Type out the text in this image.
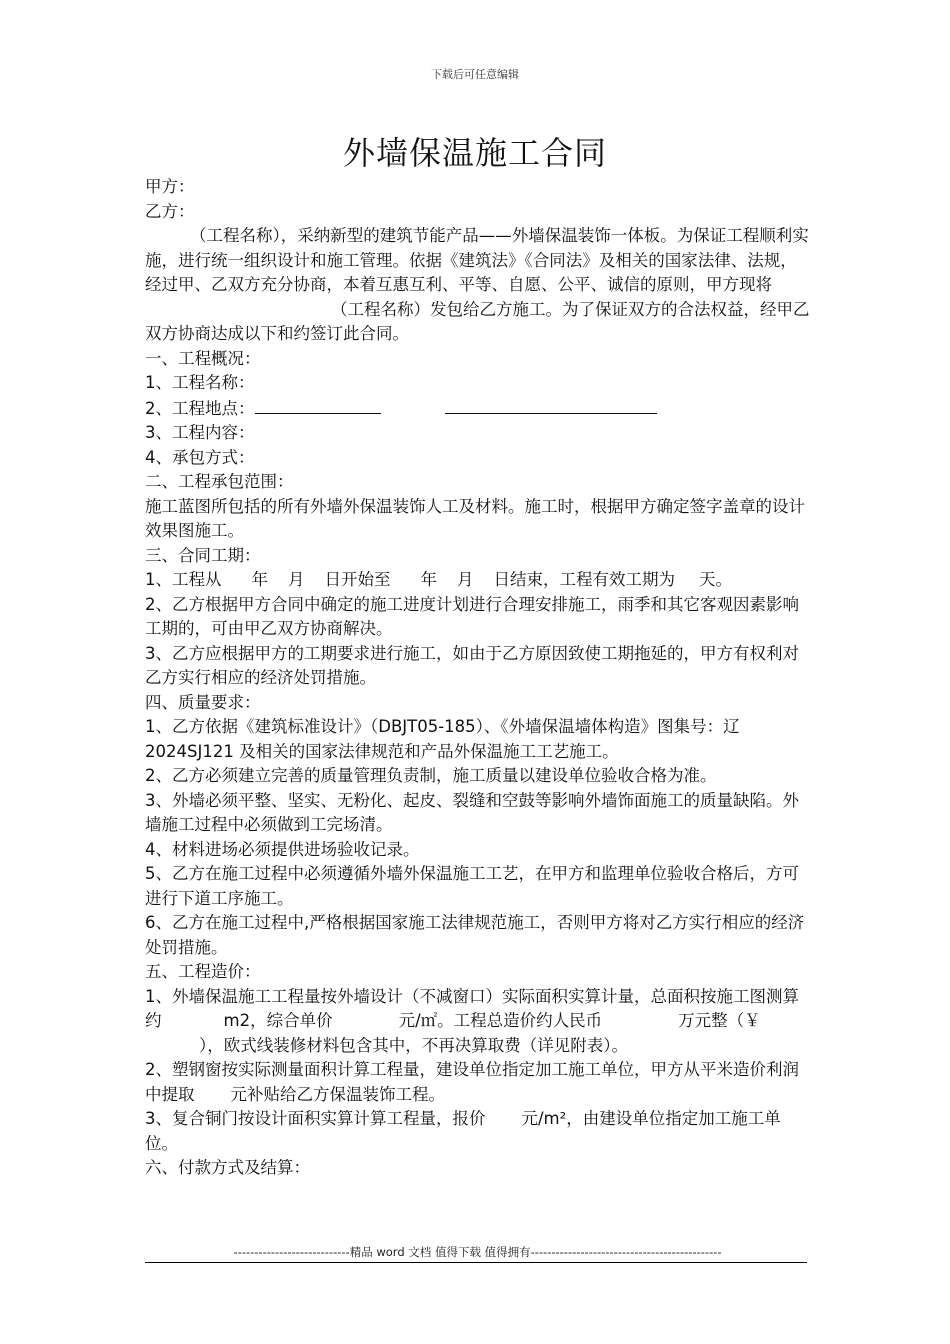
下载后可任意编辑
外墙保温施工合同

甲方：

乙方：

（工程名称），采纳新型的建筑节能产品——外墙保温装饰一体板。为保证工程顺利实施，进行统一组织设计和施工管理。依据《建筑法》《合同法》及相关的国家法律、法规，经过甲、乙双方充分协商，本着互惠互利、平等、自愿、公平、诚信的原则，甲方现将（工程名称）发包给乙方施工。为了保证双方的合法权益，经甲乙双方协商达成以下和约签订此合同。

一、工程概况：

1、工程名称：

2、工程地点：

3、工程内容：

4、承包方式：

二、工程承包范围：

施工蓝图所包括的所有外墙外保温装饰人工及材料。施工时，根据甲方确定签字盖章的设计效果图施工。

三、合同工期：

1、工程从 年 月 日开始至 年 月 日结束，工程有效工期为 天。

2、乙方根据甲方合同中确定的施工进度计划进行合理安排施工，雨季和其它客观因素影响工期的，可由甲乙双方协商解决。

3、乙方应根据甲方的工期要求进行施工，如由于乙方原因致使工期拖延的，甲方有权利对乙方实行相应的经济处罚措施。

四、质量要求：

1、乙方依据《建筑标准设计》（DBJT05-185）、《外墙保温墙体构造》图集号：辽 2024SJ121 及相关的国家法律规范和产品外保温施工工艺施工。

2、乙方必须建立完善的质量管理负责制，施工质量以建设单位验收合格为准。

3、外墙必须平整、坚实、无粉化、起皮、裂缝和空鼓等影响外墙饰面施工的质量缺陷。外墙施工过程中必须做到工完场清。

4、材料进场必须提供进场验收记录。

5、乙方在施工过程中必须遵循外墙外保温施工工艺，在甲方和监理单位验收合格后，方可进行下道工序施工。

6、乙方在施工过程中,严格根据国家施工法律规范施工，否则甲方将对乙方实行相应的经济处罚措施。

五、工程造价：

1、外墙保温施工工程量按外墙设计（不减窗口）实际面积实算计量，总面积按施工图测算约	m2，综合单价	元/㎡。工程总造价约人民币	万元整（￥），欧式线装修材料包含其中，不再决算取费（详见附表）。

2、塑钢窗按实际测量面积计算工程量，建设单位指定加工施工单位，甲方从平米造价利润中提取 元补贴给乙方保温装饰工程。

3、复合铜门按设计面积实算计算工程量，报价 元/m²，由建设单位指定加工施工单位。

六、付款方式及结算：

----------------------------精品 word 文档 值得下载 值得拥有----------------------------------------------
